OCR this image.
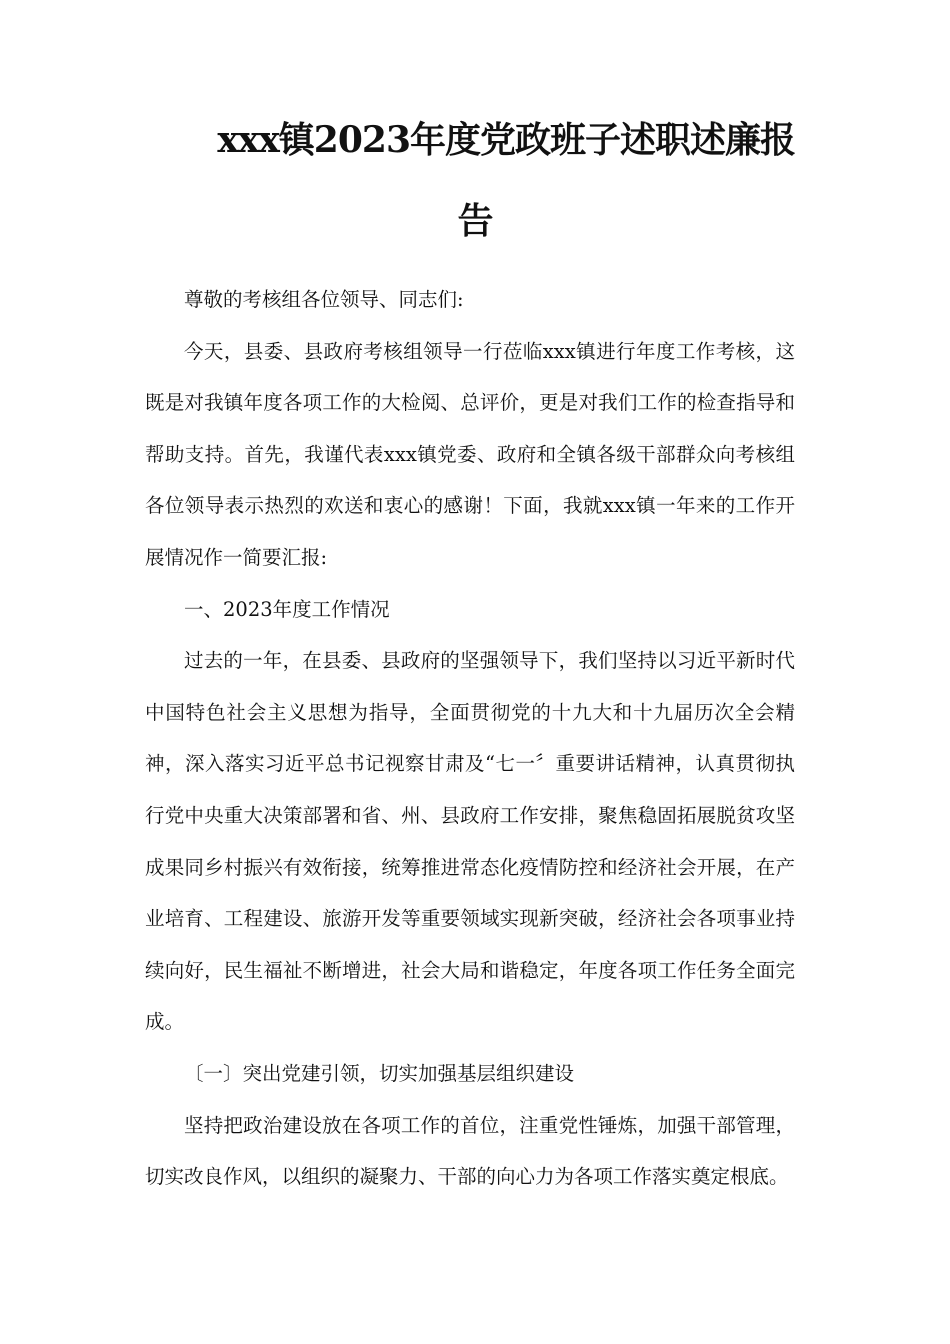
xxx镇2023年度党政班子述职述廉报
告

尊敬的考核组各位领导、同志们:

今天，县委、县政府考核组领导一行莅临xxx镇进行年度工作考核，这既是对我镇年度各项工作的大检阅、总评价，更是对我们工作的检查指导和帮助支持。首先，我谨代表xxx镇党委、政府和全镇各级干部群众向考核组各位领导表示热烈的欢送和衷心的感谢！下面，我就xxx镇一年来的工作开展情况作一简要汇报:

一、2023年度工作情况

过去的一年，在县委、县政府的坚强领导下，我们坚持以习近平新时代中国特色社会主义思想为指导，全面贯彻党的十九大和十九届历次全会精神，深入落实习近平总书记视察甘肃及“七一〞重要讲话精神，认真贯彻执行党中央重大决策部署和省、州、县政府工作安排，聚焦稳固拓展脱贫攻坚成果同乡村振兴有效衔接，统筹推进常态化疫情防控和经济社会开展，在产业培育、工程建设、旅游开发等重要领域实现新突破，经济社会各项事业持续向好，民生福祉不断增进，社会大局和谐稳定，年度各项工作任务全面完成。

〔一〕突出党建引领，切实加强基层组织建设

坚持把政治建设放在各项工作的首位，注重党性锤炼，加强干部管理，切实改良作风，以组织的凝聚力、干部的向心力为各项工作落实奠定根底。
